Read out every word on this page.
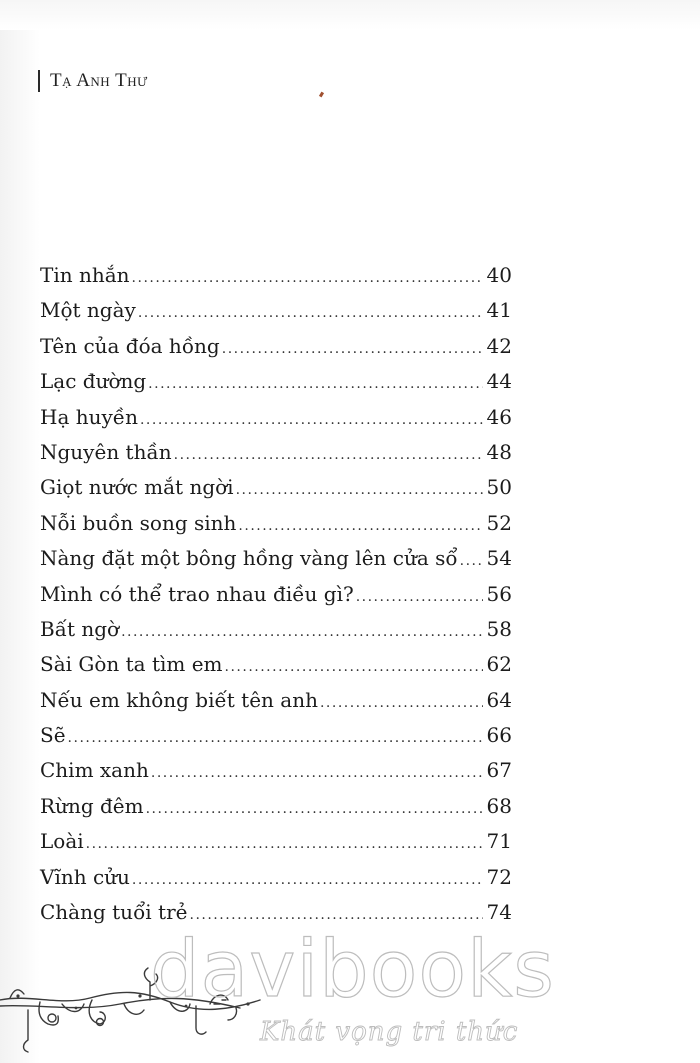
Tạ Anh Thư
Tin nhắn .....	40
Một ngày .....	41
Tên của đóa hồng .....	42
Lạc đường .....	44
Hạ huyền .....	46
Nguyên thần .....	48
Giọt nước mắt ngời .....	50
Nỗi buồn song sinh .....	52
Nàng đặt một bông hồng vàng lên cửa sổ ..... 54
Mình có thể trao nhau điều gì? .....	56
Bất ngờ .....	58
Sài Gòn ta tìm em .....	62
Nếu em không biết tên anh .....	64
Sẽ .....	66
Chim xanh .....	67
Rừng đêm .....	68
Loài .....	71
Vĩnh cửu .....	72
Chàng tuổi trẻ .....	74
davibooks
Khát vọng tri thức
